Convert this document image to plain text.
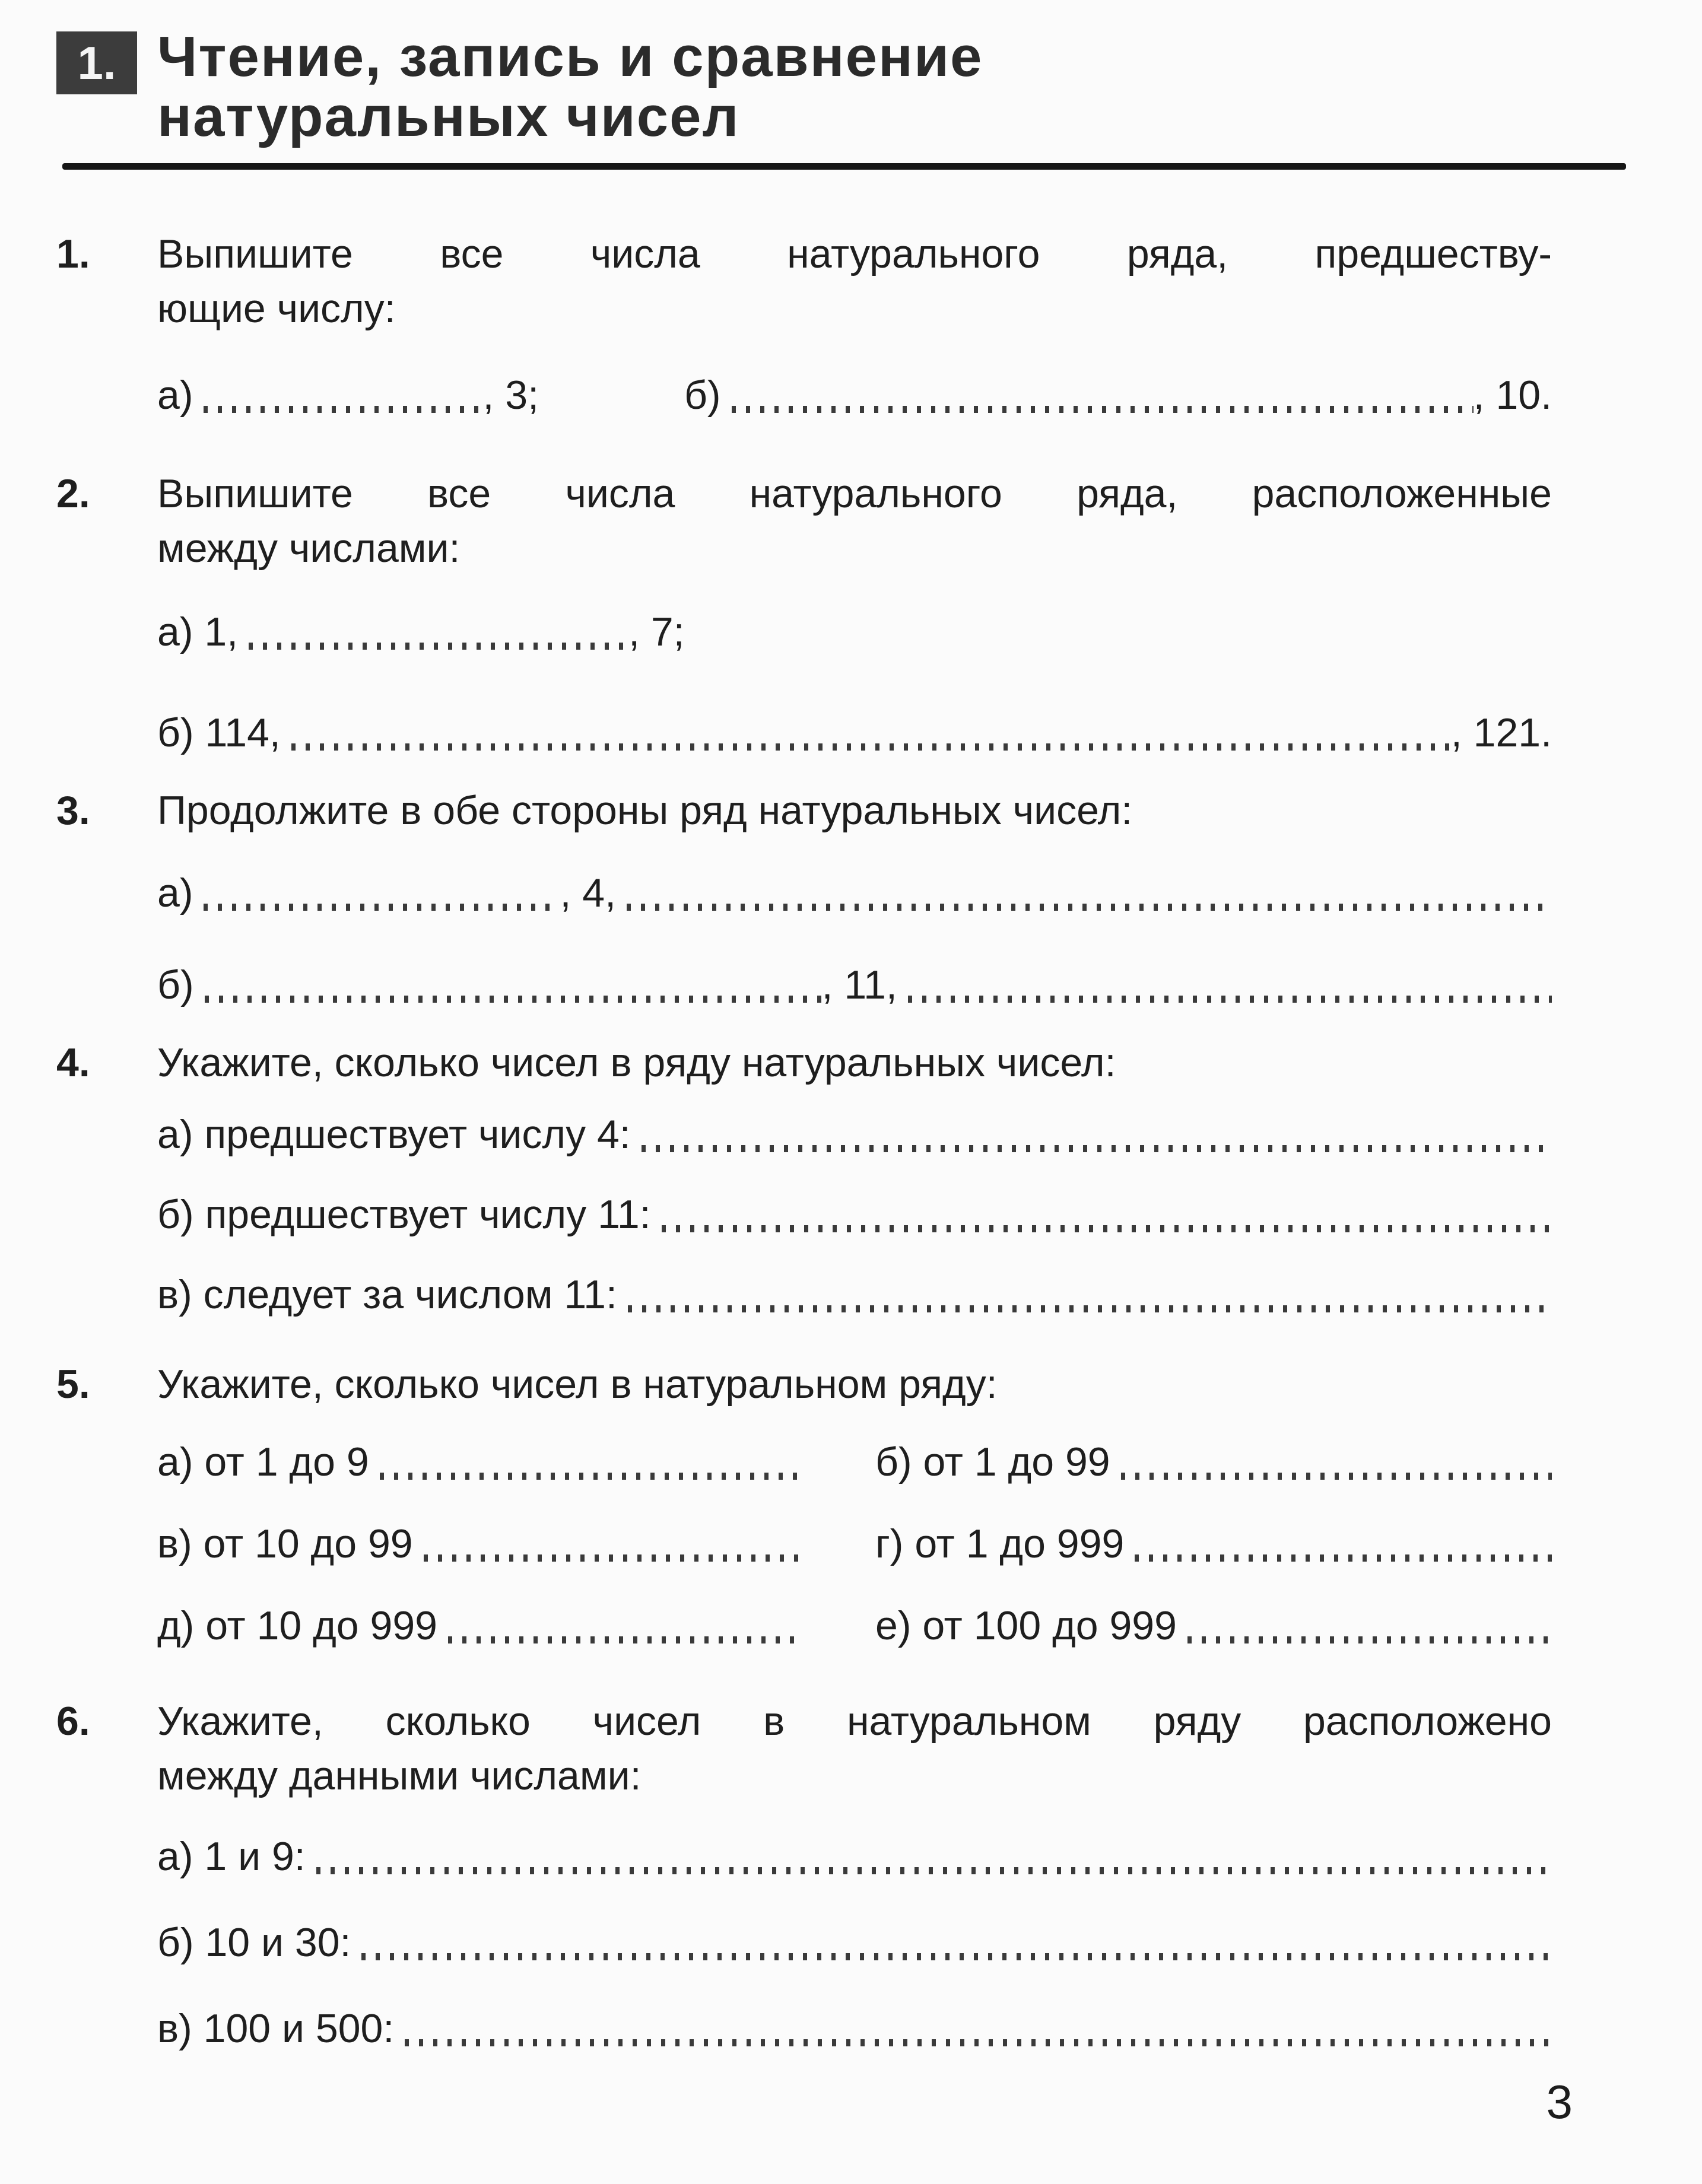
1. Чтение, запись и сравнение
натуральных чисел
1.	Выпишите все числа натурального ряда, предшеству-
ющие числу:

а)	, 3;	б)	, 10.
2.	Выпишите все числа натурального ряда, расположенные
между числами:

а) 1,	, 7;
б) 114,	, 121.
3.	Продолжите в обе стороны ряд натуральных чисел:

а)	, 4,
б)	, 11,
4.	Укажите, сколько чисел в ряду натуральных чисел:

а) предшествует числу 4:
б) предшествует числу 11:
в) следует за числом 11:
5.	Укажите, сколько чисел в натуральном ряду:

а) от 1 до 9	б) от 1 до 99
в) от 10 до 99	г) от 1 до 999
д) от 10 до 999	е) от 100 до 999
6.	Укажите, сколько чисел в натуральном ряду расположено
между данными числами:

а) 1 и 9:
б) 10 и 30:
в) 100 и 500:
3
